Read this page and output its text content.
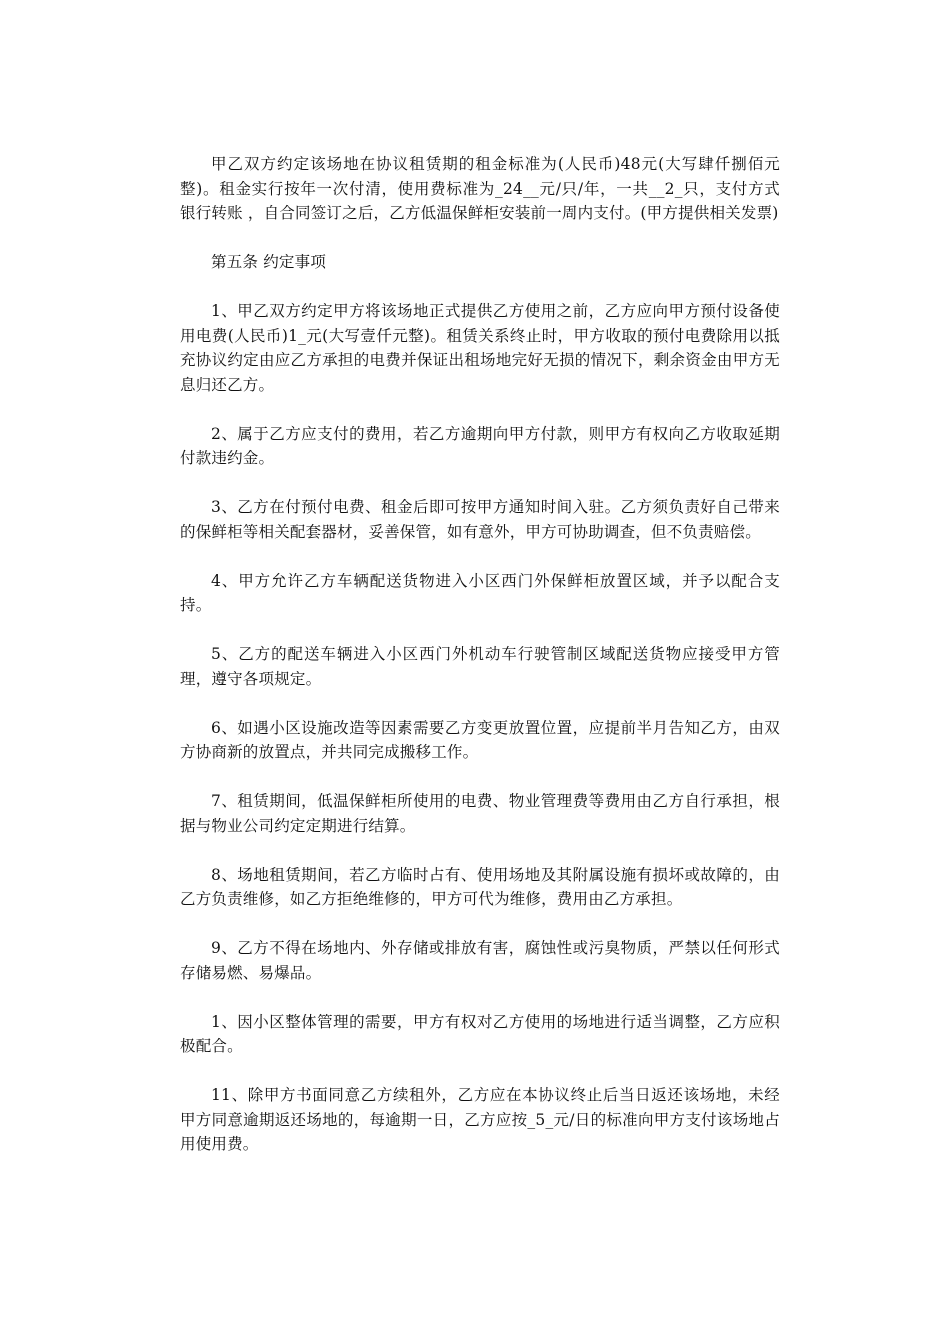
甲乙双方约定该场地在协议租赁期的租金标准为(人民币)48元(大写肆仟捌佰元整)。租金实行按年一次付清，使用费标准为_24__元/只/年，一共__2_只，支付方式 银行转账 ，自合同签订之后，乙方低温保鲜柜安装前一周内支付。(甲方提供相关发票)

第五条 约定事项

1、甲乙双方约定甲方将该场地正式提供乙方使用之前，乙方应向甲方预付设备使用电费(人民币)1_元(大写壹仟元整)。租赁关系终止时，甲方收取的预付电费除用以抵充协议约定由应乙方承担的电费并保证出租场地完好无损的情况下，剩余资金由甲方无息归还乙方。

2、属于乙方应支付的费用，若乙方逾期向甲方付款，则甲方有权向乙方收取延期付款违约金。

3、乙方在付预付电费、租金后即可按甲方通知时间入驻。乙方须负责好自己带来的保鲜柜等相关配套器材，妥善保管，如有意外，甲方可协助调查，但不负责赔偿。

4、甲方允许乙方车辆配送货物进入小区西门外保鲜柜放置区域，并予以配合支持。

5、乙方的配送车辆进入小区西门外机动车行驶管制区域配送货物应接受甲方管理，遵守各项规定。

6、如遇小区设施改造等因素需要乙方变更放置位置，应提前半月告知乙方，由双方协商新的放置点，并共同完成搬移工作。

7、租赁期间，低温保鲜柜所使用的电费、物业管理费等费用由乙方自行承担，根据与物业公司约定定期进行结算。

8、场地租赁期间，若乙方临时占有、使用场地及其附属设施有损坏或故障的，由乙方负责维修，如乙方拒绝维修的，甲方可代为维修，费用由乙方承担。

9、乙方不得在场地内、外存储或排放有害，腐蚀性或污臭物质，严禁以任何形式存储易燃、易爆品。

1、因小区整体管理的需要，甲方有权对乙方使用的场地进行适当调整，乙方应积极配合。

11、除甲方书面同意乙方续租外，乙方应在本协议终止后当日返还该场地，未经甲方同意逾期返还场地的，每逾期一日，乙方应按_5_元/日的标准向甲方支付该场地占用使用费。
